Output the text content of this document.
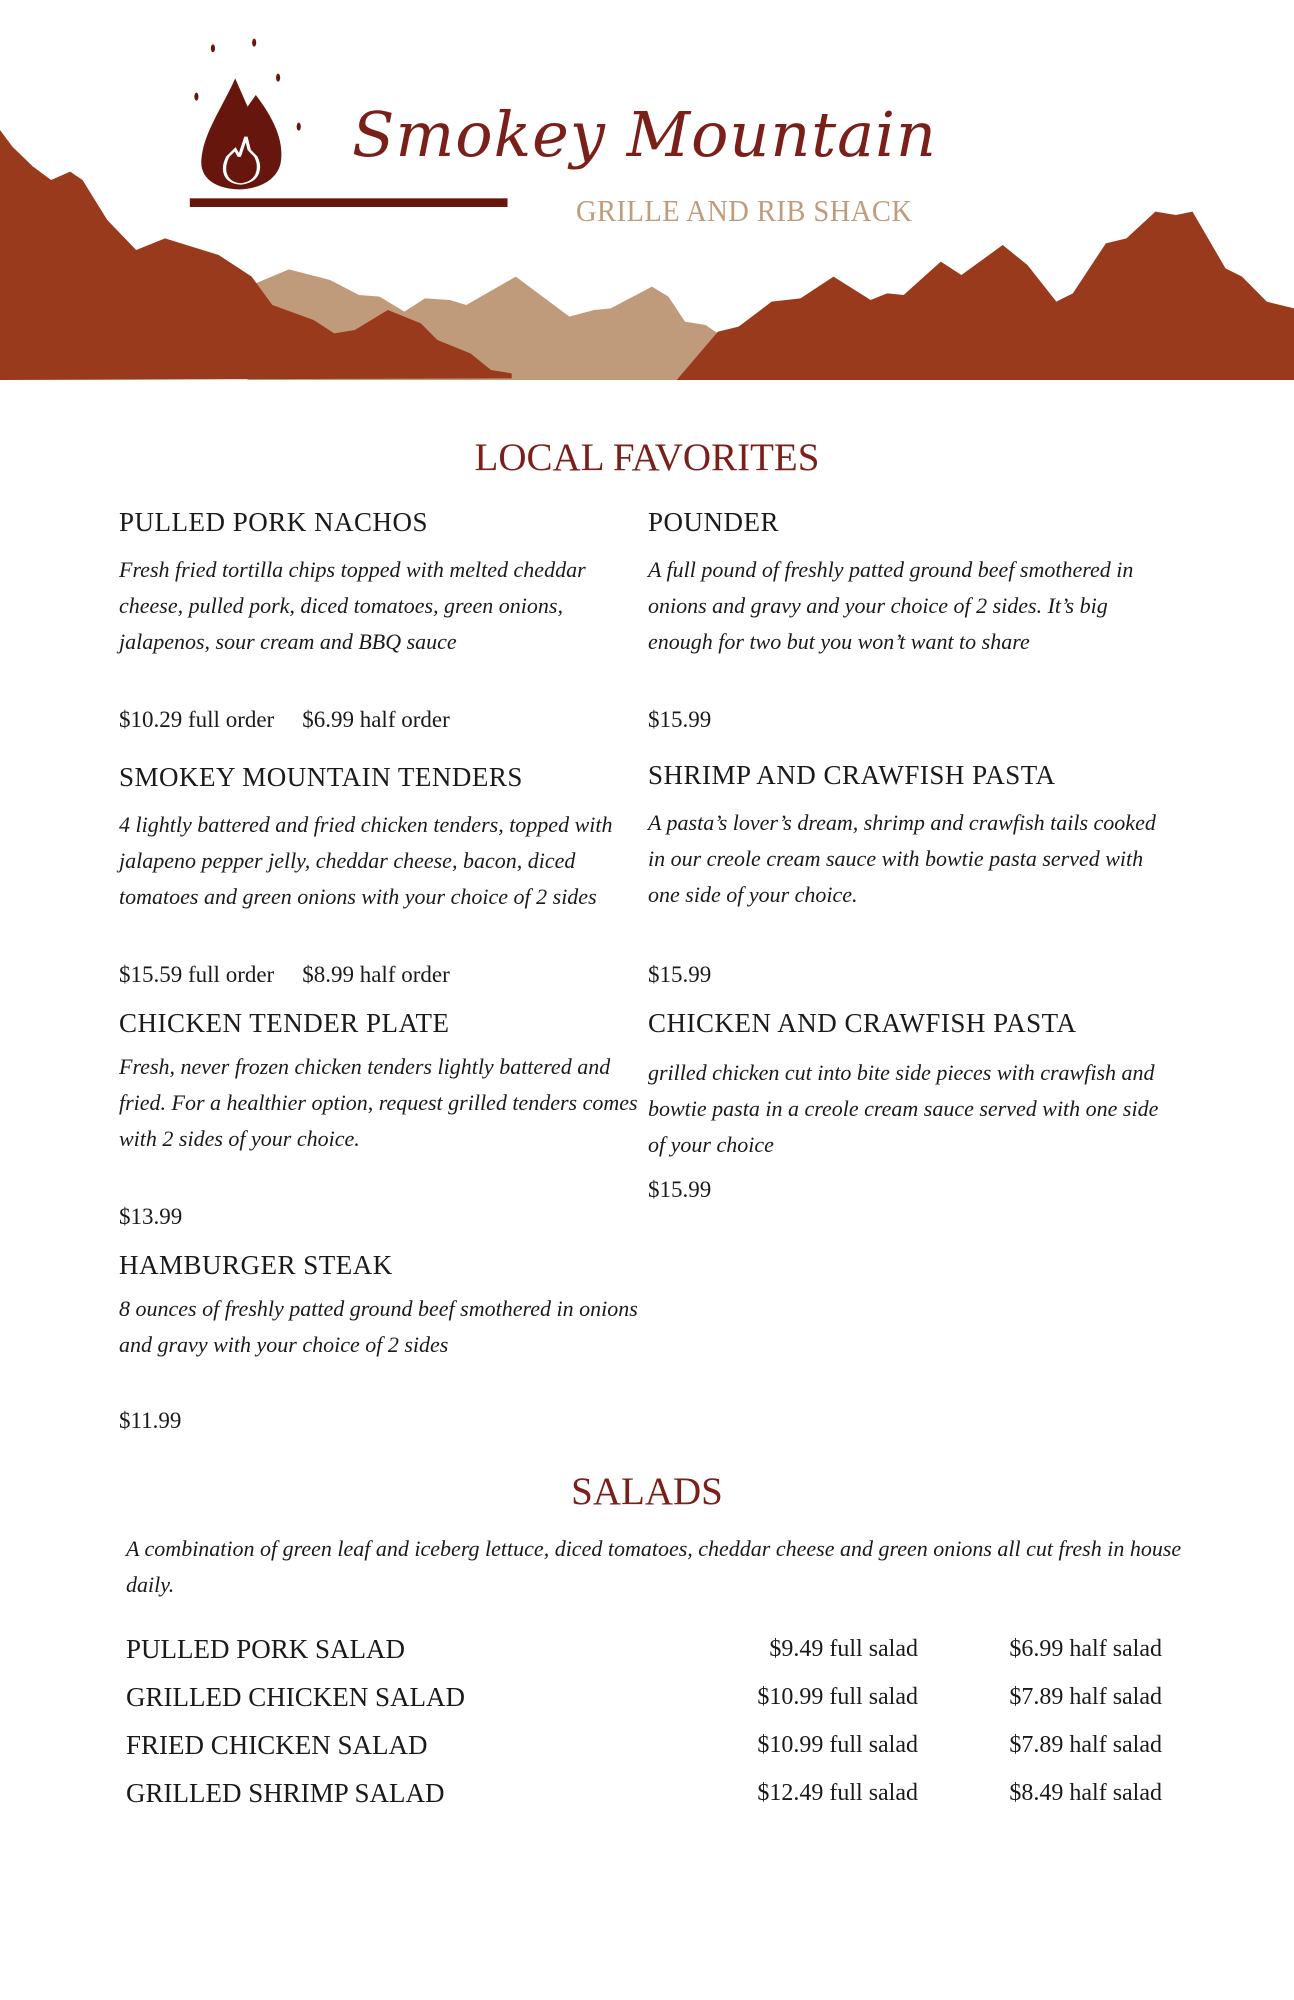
Smokey Mountain
GRILLE AND RIB SHACK
LOCAL FAVORITES
PULLED PORK NACHOS

Fresh fried tortilla chips topped with melted cheddar cheese, pulled pork, diced tomatoes, green onions, jalapenos, sour cream and BBQ sauce

$10.29 full order $6.99 half order
SMOKEY MOUNTAIN TENDERS

4 lightly battered and fried chicken tenders, topped with jalapeno pepper jelly, cheddar cheese, bacon, diced tomatoes and green onions with your choice of 2 sides

$15.59 full order $8.99 half order
CHICKEN TENDER PLATE

Fresh, never frozen chicken tenders lightly battered and fried. For a healthier option, request grilled tenders comes with 2 sides of your choice.

$13.99
HAMBURGER STEAK

8 ounces of freshly patted ground beef smothered in onions and gravy with your choice of 2 sides

$11.99
POUNDER

A full pound of freshly patted ground beef smothered in onions and gravy and your choice of 2 sides. It’s big enough for two but you won’t want to share

$15.99
SHRIMP AND CRAWFISH PASTA

A pasta’s lover’s dream, shrimp and crawfish tails cooked in our creole cream sauce with bowtie pasta served with one side of your choice.

$15.99
CHICKEN AND CRAWFISH PASTA

grilled chicken cut into bite side pieces with crawfish and bowtie pasta in a creole cream sauce served with one side of your choice

$15.99
SALADS
A combination of green leaf and iceberg lettuce, diced tomatoes, cheddar cheese and green onions all cut fresh in house daily.
PULLED PORK SALAD	$9.49 full salad	$6.99 half salad
GRILLED CHICKEN SALAD	$10.99 full salad	$7.89 half salad
FRIED CHICKEN SALAD	$10.99 full salad	$7.89 half salad
GRILLED SHRIMP SALAD	$12.49 full salad	$8.49 half salad
